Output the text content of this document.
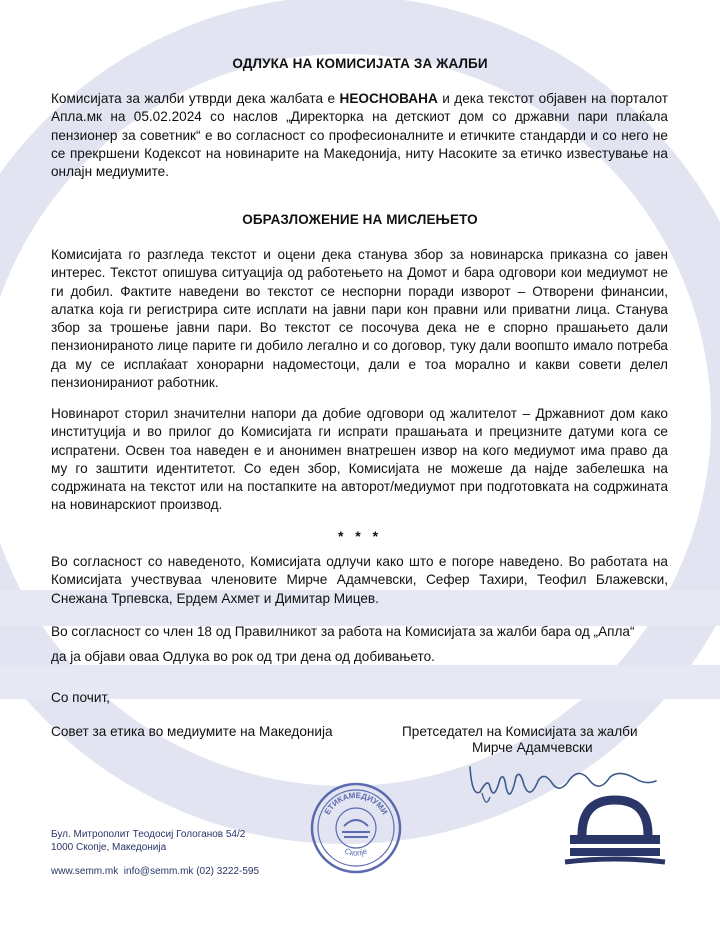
ОДЛУКА НА КОМИСИЈАТА ЗА ЖАЛБИ
Комисијата за жалби утврди дека жалбата е НЕОСНОВАНА и дека текстот објавен на порталот Апла.мк на 05.02.2024 со наслов „Директорка на детскиот дом со државни пари плаќала пензионер за советник“ е во согласност со професионалните и етичките стандарди и со него не се прекршени Кодексот на новинарите на Македонија, ниту Насоките за етичко известување на онлајн медиумите.
ОБРАЗЛОЖЕНИЕ НА МИСЛЕЊЕТО
Комисијата го разгледа текстот и оцени дека станува збор за новинарска приказна со јавен интерес. Текстот опишува ситуација од работењето на Домот и бара одговори кои медиумот не ги добил. Фактите наведени во текстот се неспорни поради изворот – Отворени финансии, алатка која ги регистрира сите исплати на јавни пари кон правни или приватни лица. Станува збор за трошење јавни пари. Во текстот се посочува дека не е спорно прашањето дали пензионираното лице парите ги добило легално и со договор, туку дали воопшто имало потреба да му се исплаќаат хонорарни надоместоци, дали е тоа морално и какви совети делел пензионираниот работник.
Новинарот сторил значителни напори да добие одговори од жалителот – Државниот дом како институција и во прилог до Комисијата ги испрати прашањата и прецизните датуми кога се испратени. Освен тоа наведен е и анонимен внатрешен извор на кого медиумот има право да му го заштити идентитетот. Со еден збор, Комисијата не можеше да најде забелешка на содржината на текстот или на постапките на авторот/медиумот при подготовката на содржината на новинарскиот производ.
* * *
Во согласност со наведеното, Комисијата одлучи како што е погоре наведено. Во работата на Комисијата учествуваа членовите Мирче Адамчевски, Сефер Тахири, Теофил Блажевски, Снежана Трпевска, Ердем Ахмет и Димитар Мицев.
Во согласност со член 18 од Правилникот за работа на Комисијата за жалби бара од „Апла“
да ја објави оваа Одлука во рок од три дена од добивањето.
Со почит,
Совет за етика во медиумите на Македонија	Претседател на Комисијата за жалби
Мирче Адамчевски
ЕТИКАМЕДИУМИ
Скопје
Бул. Митрополит Теодосиј Гологанов 54/2
1000 Скопје, Македонија
www.semm.mk info@semm.mk (02) 3222-595
